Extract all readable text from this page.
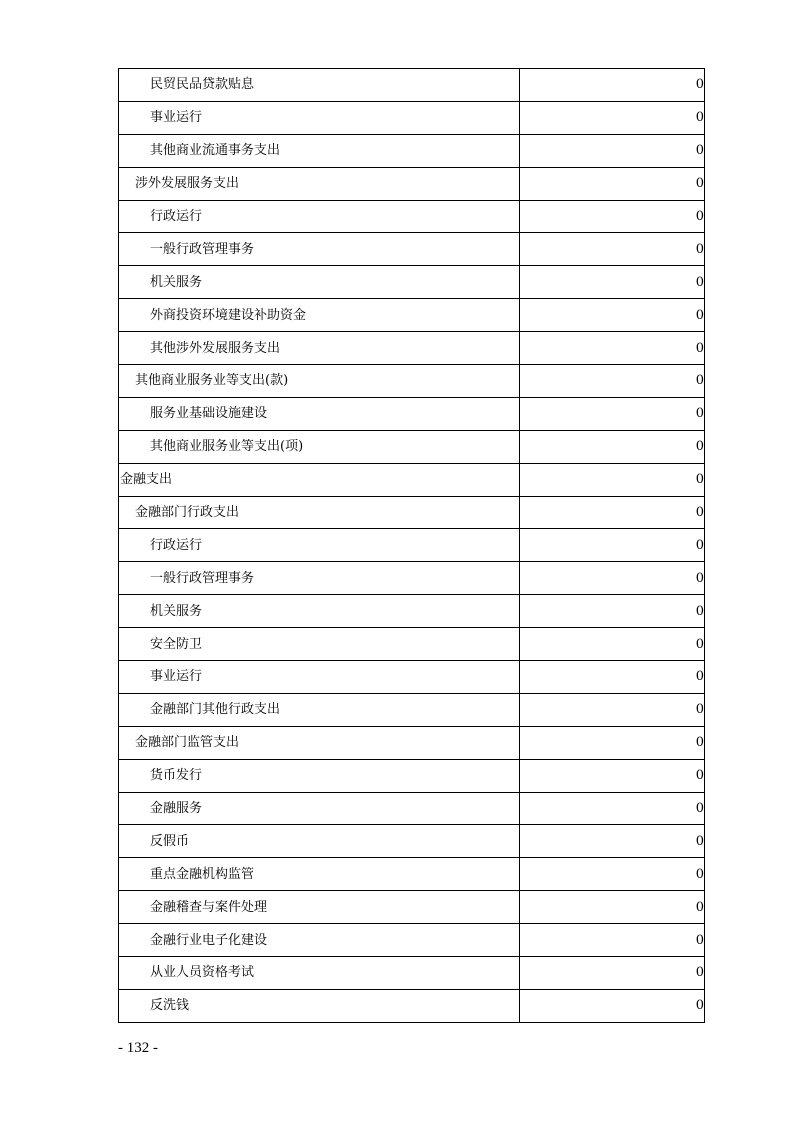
民贸民品贷款贴息	0
事业运行	0
其他商业流通事务支出	0
涉外发展服务支出	0
行政运行	0
一般行政管理事务	0
机关服务	0
外商投资环境建设补助资金	0
其他涉外发展服务支出	0
其他商业服务业等支出(款)	0
服务业基础设施建设	0
其他商业服务业等支出(项)	0
金融支出	0
金融部门行政支出	0
行政运行	0
一般行政管理事务	0
机关服务	0
安全防卫	0
事业运行	0
金融部门其他行政支出	0
金融部门监管支出	0
货币发行	0
金融服务	0
反假币	0
重点金融机构监管	0
金融稽查与案件处理	0
金融行业电子化建设	0
从业人员资格考试	0
反洗钱	0
- 132 -
